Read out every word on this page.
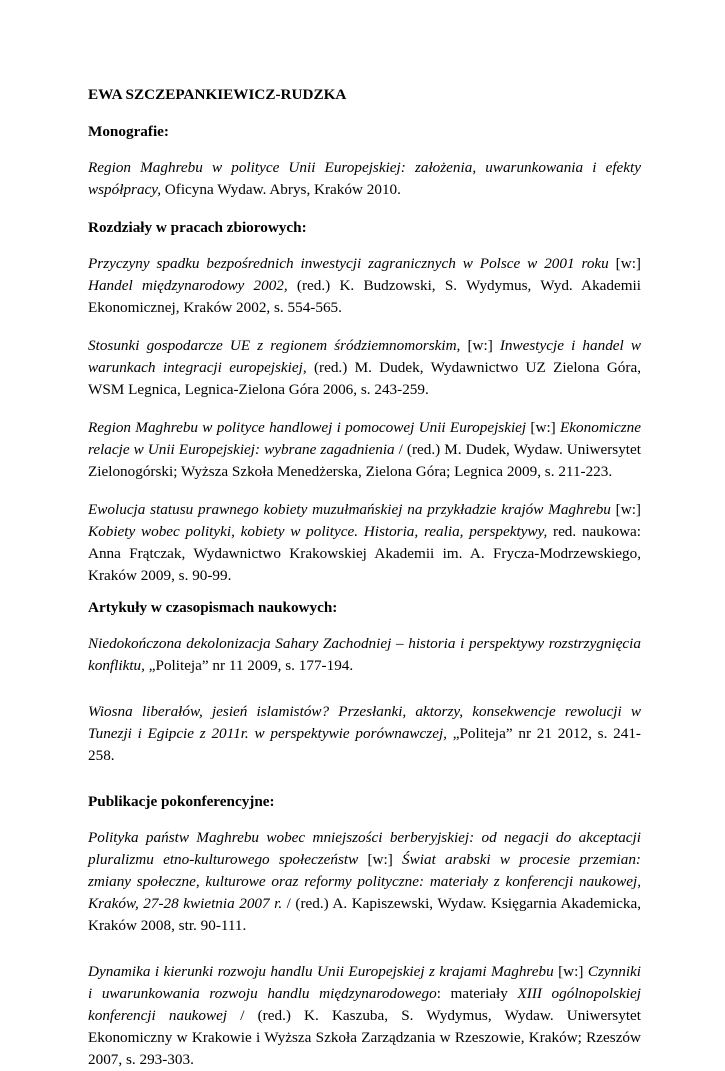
EWA SZCZEPANKIEWICZ-RUDZKA
Monografie:

Region Maghrebu w polityce Unii Europejskiej: założenia, uwarunkowania i efekty współpracy, Oficyna Wydaw. Abrys, Kraków 2010.

Rozdziały w pracach zbiorowych:

Przyczyny spadku bezpośrednich inwestycji zagranicznych w Polsce w 2001 roku [w:] Handel międzynarodowy 2002, (red.) K. Budzowski, S. Wydymus, Wyd. Akademii Ekonomicznej, Kraków 2002, s. 554-565.

Stosunki gospodarcze UE z regionem śródziemnomorskim, [w:] Inwestycje i handel w warunkach integracji europejskiej, (red.) M. Dudek, Wydawnictwo UZ Zielona Góra, WSM Legnica, Legnica-Zielona Góra 2006, s. 243-259.

Region Maghrebu w polityce handlowej i pomocowej Unii Europejskiej [w:] Ekonomiczne relacje w Unii Europejskiej: wybrane zagadnienia / (red.) M. Dudek, Wydaw. Uniwersytet Zielonogórski; Wyższa Szkoła Menedżerska, Zielona Góra; Legnica 2009, s. 211-223.

Ewolucja statusu prawnego kobiety muzułmańskiej na przykładzie krajów Maghrebu [w:] Kobiety wobec polityki, kobiety w polityce. Historia, realia, perspektywy, red. naukowa: Anna Frątczak, Wydawnictwo Krakowskiej Akademii im. A. Frycza-Modrzewskiego, Kraków 2009, s. 90-99.

Artykuły w czasopismach naukowych:

Niedokończona dekolonizacja Sahary Zachodniej – historia i perspektywy rozstrzygnięcia konfliktu, „Politeja” nr 11 2009, s. 177-194.

Wiosna liberałów, jesień islamistów? Przesłanki, aktorzy, konsekwencje rewolucji w Tunezji i Egipcie z 2011r. w perspektywie porównawczej, „Politeja” nr 21 2012, s. 241-258.

Publikacje pokonferencyjne:

Polityka państw Maghrebu wobec mniejszości berberyjskiej: od negacji do akceptacji pluralizmu etno-kulturowego społeczeństw [w:] Świat arabski w procesie przemian: zmiany społeczne, kulturowe oraz reformy polityczne: materiały z konferencji naukowej, Kraków, 27-28 kwietnia 2007 r. / (red.) A. Kapiszewski, Wydaw. Księgarnia Akademicka, Kraków 2008, str. 90-111.

Dynamika i kierunki rozwoju handlu Unii Europejskiej z krajami Maghrebu [w:] Czynniki i uwarunkowania rozwoju handlu międzynarodowego: materiały XIII ogólnopolskiej konferencji naukowej / (red.) K. Kaszuba, S. Wydymus, Wydaw. Uniwersytet Ekonomiczny w Krakowie i Wyższa Szkoła Zarządzania w Rzeszowie, Kraków; Rzeszów 2007, s. 293-303.
